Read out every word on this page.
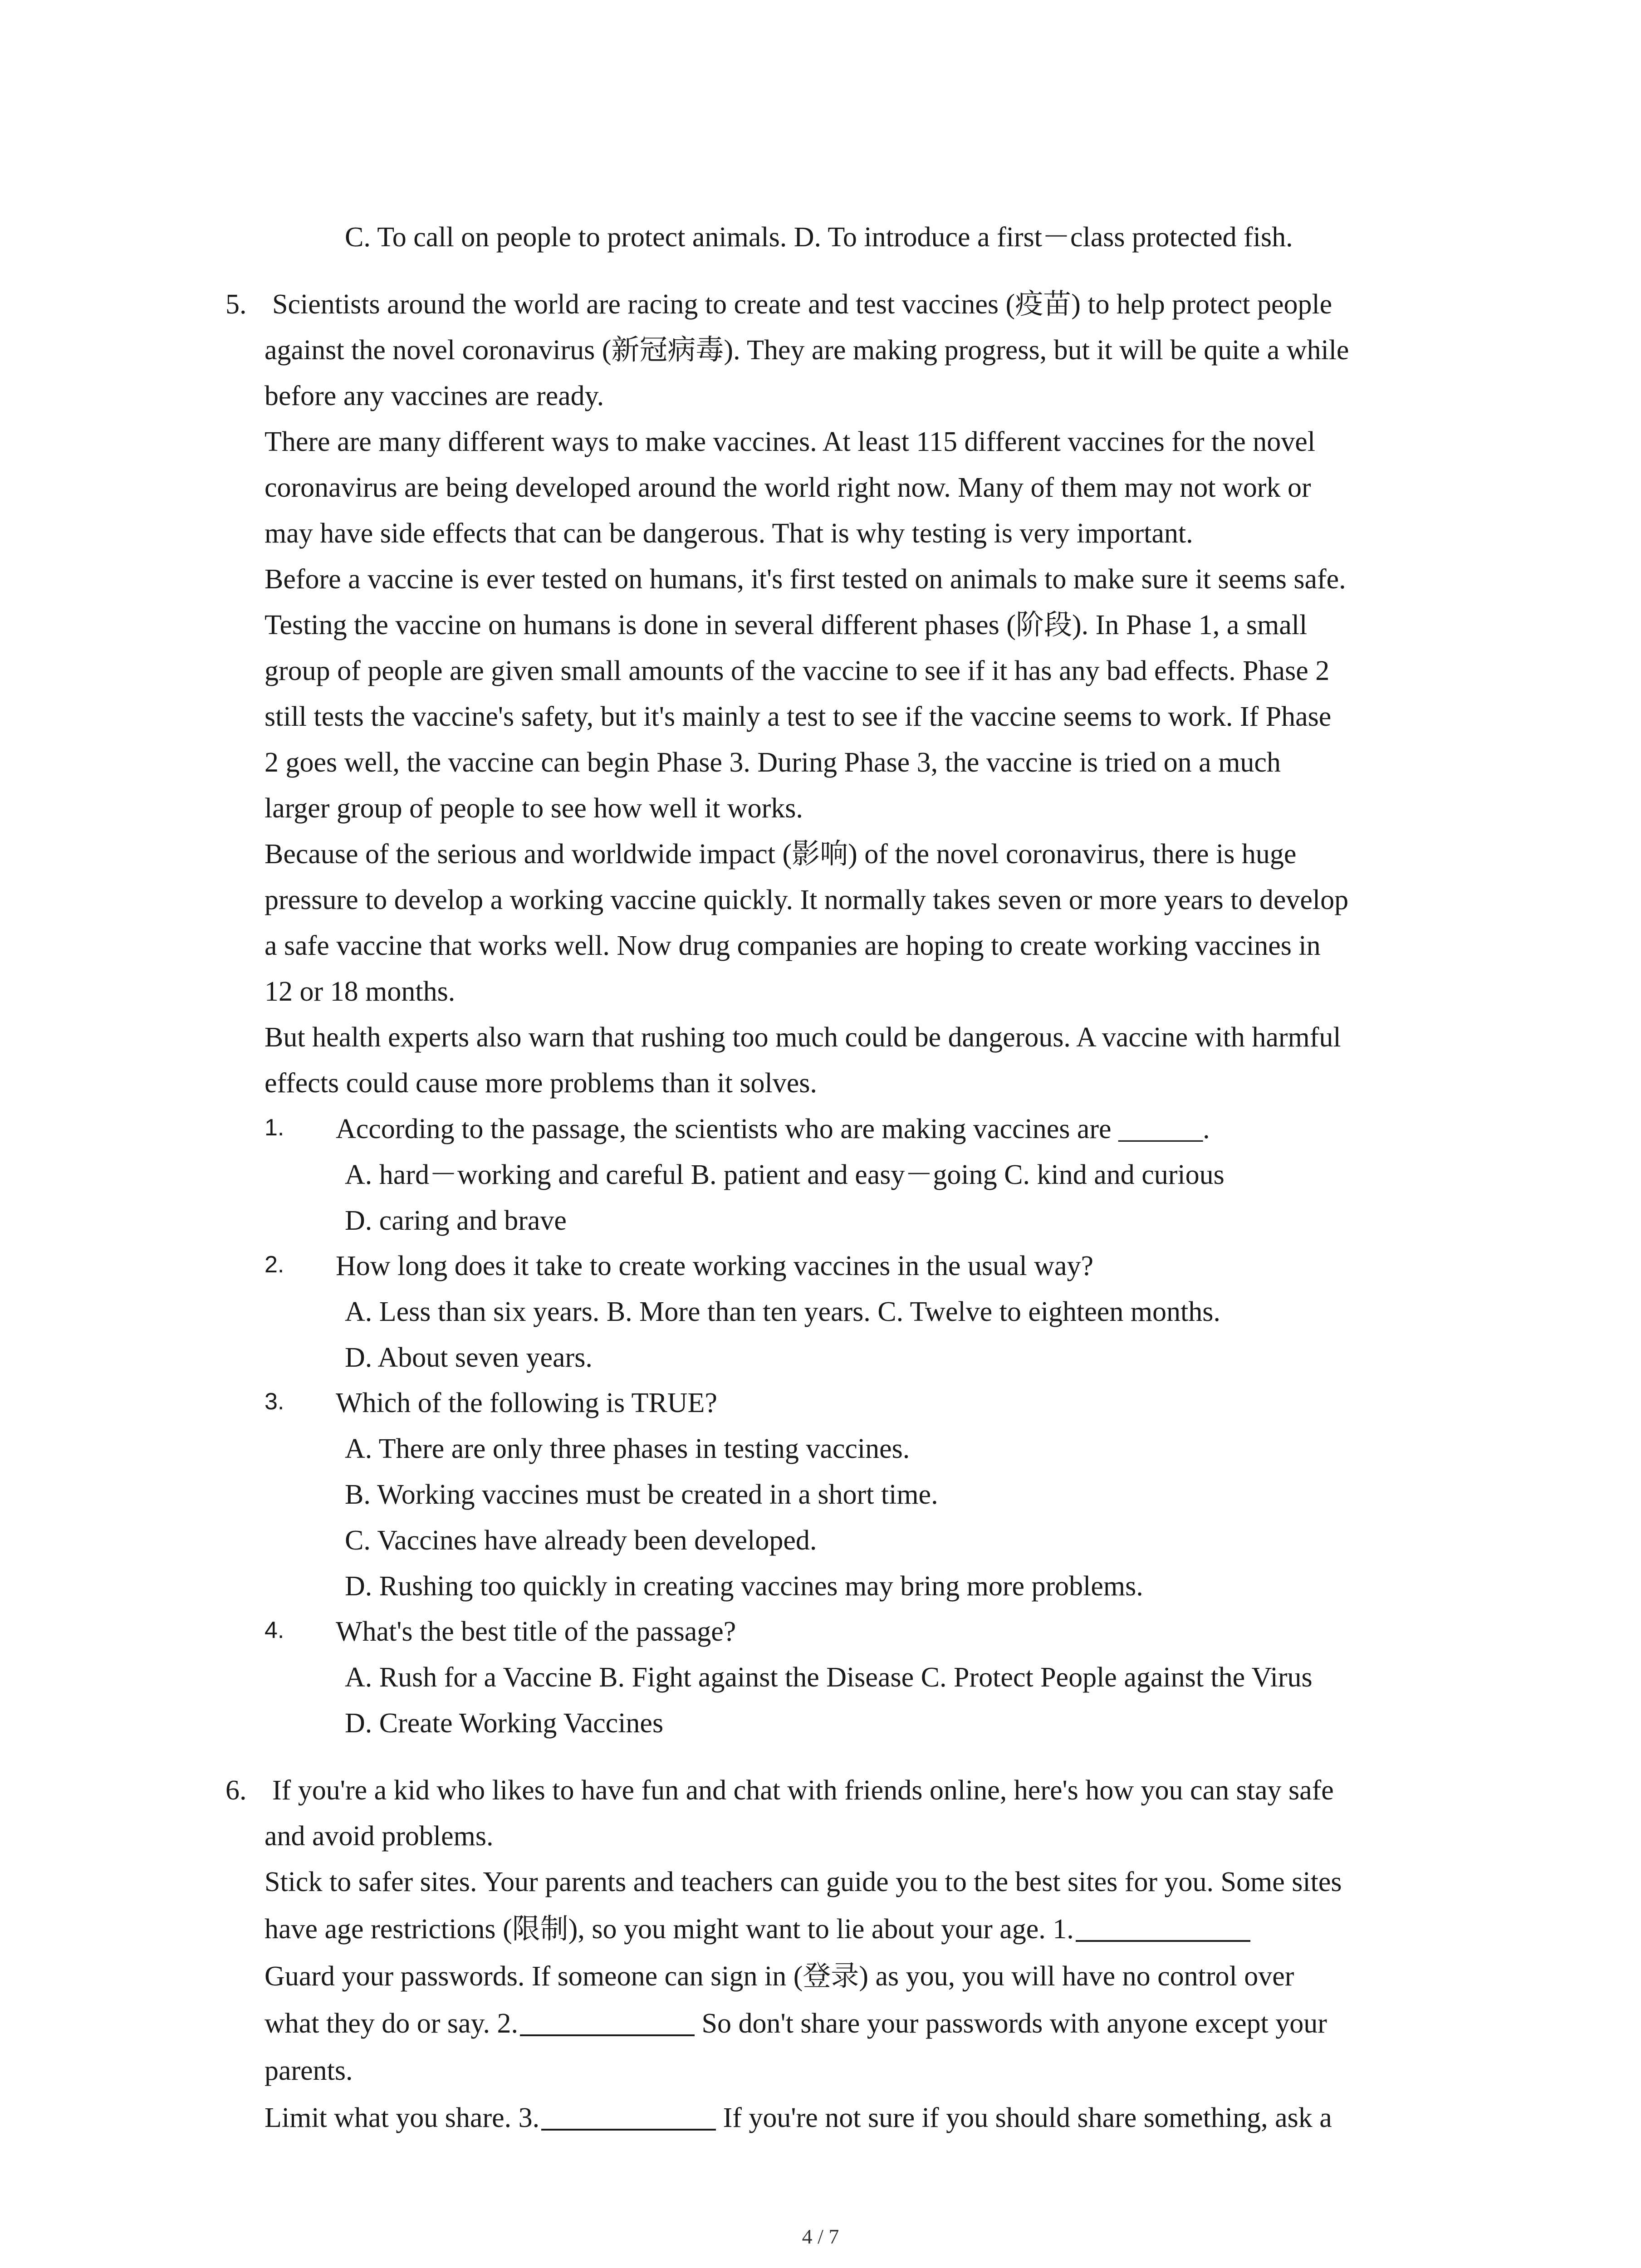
C. To call on people to protect animals. D. To introduce a first－class protected fish.
5. Scientists around the world are racing to create and test vaccines (疫苗) to help protect people
against the novel coronavirus (新冠病毒). They are making progress, but it will be quite a while
before any vaccines are ready.
There are many different ways to make vaccines. At least 115 different vaccines for the novel
coronavirus are being developed around the world right now. Many of them may not work or
may have side effects that can be dangerous. That is why testing is very important.
Before a vaccine is ever tested on humans, it's first tested on animals to make sure it seems safe.
Testing the vaccine on humans is done in several different phases (阶段). In Phase 1, a small
group of people are given small amounts of the vaccine to see if it has any bad effects. Phase 2
still tests the vaccine's safety, but it's mainly a test to see if the vaccine seems to work. If Phase
2 goes well, the vaccine can begin Phase 3. During Phase 3, the vaccine is tried on a much
larger group of people to see how well it works.
Because of the serious and worldwide impact (影响) of the novel coronavirus, there is huge
pressure to develop a working vaccine quickly. It normally takes seven or more years to develop
a safe vaccine that works well. Now drug companies are hoping to create working vaccines in
12 or 18 months.
But health experts also warn that rushing too much could be dangerous. A vaccine with harmful
effects could cause more problems than it solves.
1. According to the passage, the scientists who are making vaccines are ______.
A. hard－working and careful B. patient and easy－going C. kind and curious
D. caring and brave
2. How long does it take to create working vaccines in the usual way?
A. Less than six years. B. More than ten years. C. Twelve to eighteen months.
D. About seven years.
3. Which of the following is TRUE?
A. There are only three phases in testing vaccines.
B. Working vaccines must be created in a short time.
C. Vaccines have already been developed.
D. Rushing too quickly in creating vaccines may bring more problems.
4. What's the best title of the passage?
A. Rush for a Vaccine B. Fight against the Disease C. Protect People against the Virus
D. Create Working Vaccines
6. If you're a kid who likes to have fun and chat with friends online, here's how you can stay safe
and avoid problems.
Stick to safer sites. Your parents and teachers can guide you to the best sites for you. Some sites
have age restrictions (限制), so you might want to lie about your age. 1.
Guard your passwords. If someone can sign in (登录) as you, you will have no control over
what they do or say. 2.	So don't share your passwords with anyone except your
parents.
Limit what you share. 3.	If you're not sure if you should share something, ask a
4 / 7
